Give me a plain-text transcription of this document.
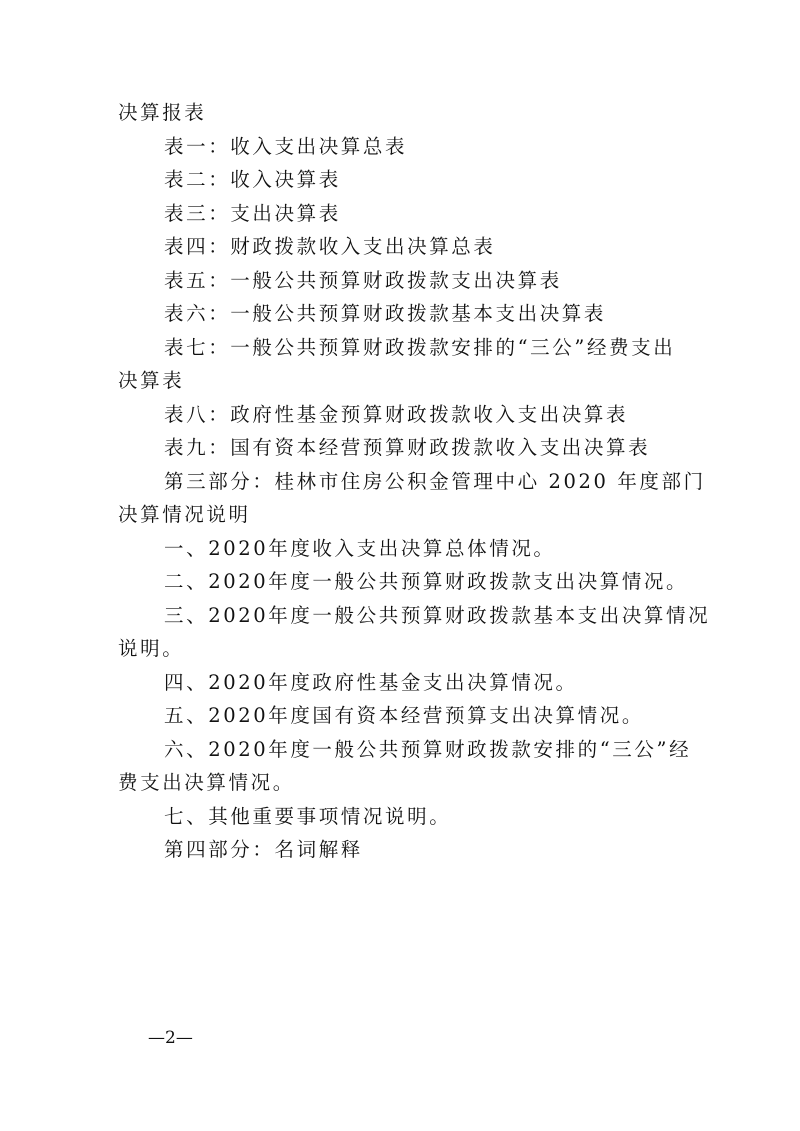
决算报表

表一：收入支出决算总表

表二：收入决算表

表三：支出决算表

表四：财政拨款收入支出决算总表

表五：一般公共预算财政拨款支出决算表

表六：一般公共预算财政拨款基本支出决算表

表七：一般公共预算财政拨款安排的“三公”经费支出

决算表

表八：政府性基金预算财政拨款收入支出决算表

表九：国有资本经营预算财政拨款收入支出决算表

第三部分：桂林市住房公积金管理中心 2020 年度部门

决算情况说明

一、2020年度收入支出决算总体情况。

二、2020年度一般公共预算财政拨款支出决算情况。

三、2020年度一般公共预算财政拨款基本支出决算情况

说明。

四、2020年度政府性基金支出决算情况。

五、2020年度国有资本经营预算支出决算情况。

六、2020年度一般公共预算财政拨款安排的“三公”经

费支出决算情况。

七、其他重要事项情况说明。

第四部分：名词解释

—2—
